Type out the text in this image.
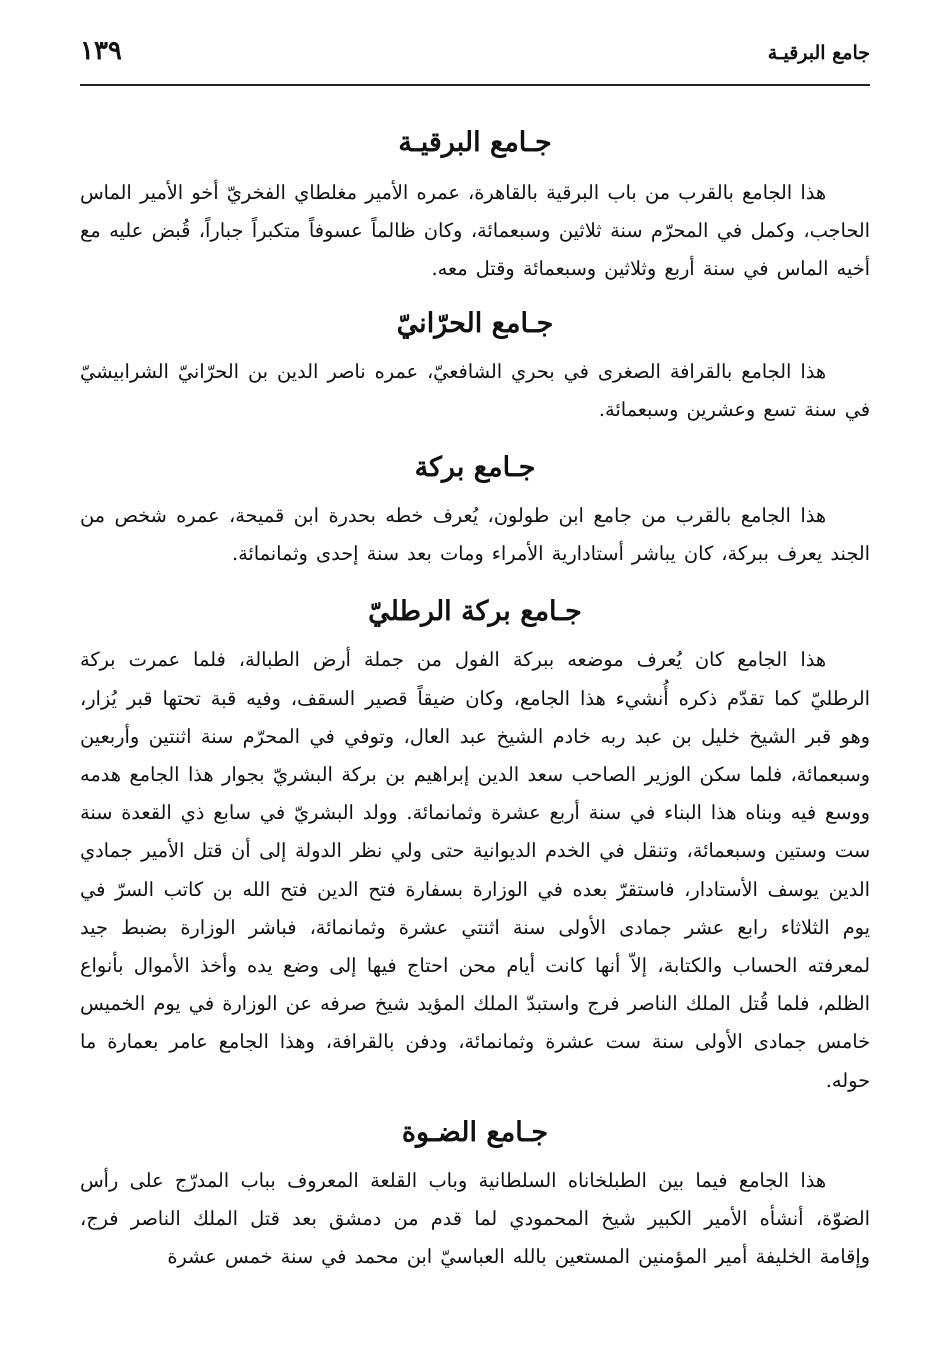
جامع البرقيـة
١٣٩
جـامع البرقيـة

هذا الجامع بالقرب من باب البرقية بالقاهرة، عمره الأمير مغلطاي الفخريّ أخو الأمير الماس الحاجب، وكمل في المحرّم سنة ثلاثين وسبعمائة، وكان ظالماً عسوفاً متكبراً جباراً، قُبض عليه مع أخيه الماس في سنة أربع وثلاثين وسبعمائة وقتل معه.

جـامع الحرّانيّ

هذا الجامع بالقرافة الصغرى في بحري الشافعيّ، عمره ناصر الدين بن الحرّانيّ الشرابيشيّ في سنة تسع وعشرين وسبعمائة.

جـامع بركة

هذا الجامع بالقرب من جامع ابن طولون، يُعرف خطه بحدرة ابن قميحة، عمره شخص من الجند يعرف ببركة، كان يباشر أستادارية الأمراء ومات بعد سنة إحدى وثمانمائة.

جـامع بركة الرطليّ

هذا الجامع كان يُعرف موضعه ببركة الفول من جملة أرض الطبالة، فلما عمرت بركة الرطليّ كما تقدّم ذكره أُنشيء هذا الجامع، وكان ضيقاً قصير السقف، وفيه قبة تحتها قبر يُزار، وهو قبر الشيخ خليل بن عبد ربه خادم الشيخ عبد العال، وتوفي في المحرّم سنة اثنتين وأربعين وسبعمائة، فلما سكن الوزير الصاحب سعد الدين إبراهيم بن بركة البشريّ بجوار هذا الجامع هدمه ووسع فيه وبناه هذا البناء في سنة أربع عشرة وثمانمائة. وولد البشريّ في سابع ذي القعدة سنة ست وستين وسبعمائة، وتنقل في الخدم الديوانية حتى ولي نظر الدولة إلى أن قتل الأمير جمادي الدين يوسف الأستادار، فاستقرّ بعده في الوزارة بسفارة فتح الدين فتح الله بن كاتب السرّ في يوم الثلاثاء رابع عشر جمادى الأولى سنة اثنتي عشرة وثمانمائة، فباشر الوزارة بضبط جيد لمعرفته الحساب والكتابة، إلاّ أنها كانت أيام محن احتاج فيها إلى وضع يده وأخذ الأموال بأنواع الظلم، فلما قُتل الملك الناصر فرج واستبدّ الملك المؤيد شيخ صرفه عن الوزارة في يوم الخميس خامس جمادى الأولى سنة ست عشرة وثمانمائة، ودفن بالقرافة، وهذا الجامع عامر بعمارة ما حوله.

جـامع الضـوة

هذا الجامع فيما بين الطبلخاناه السلطانية وباب القلعة المعروف بباب المدرّج على رأس الضوّة، أنشأه الأمير الكبير شيخ المحمودي لما قدم من دمشق بعد قتل الملك الناصر فرج، وإقامة الخليفة أمير المؤمنين المستعين بالله العباسيّ ابن محمد في سنة خمس عشرة
